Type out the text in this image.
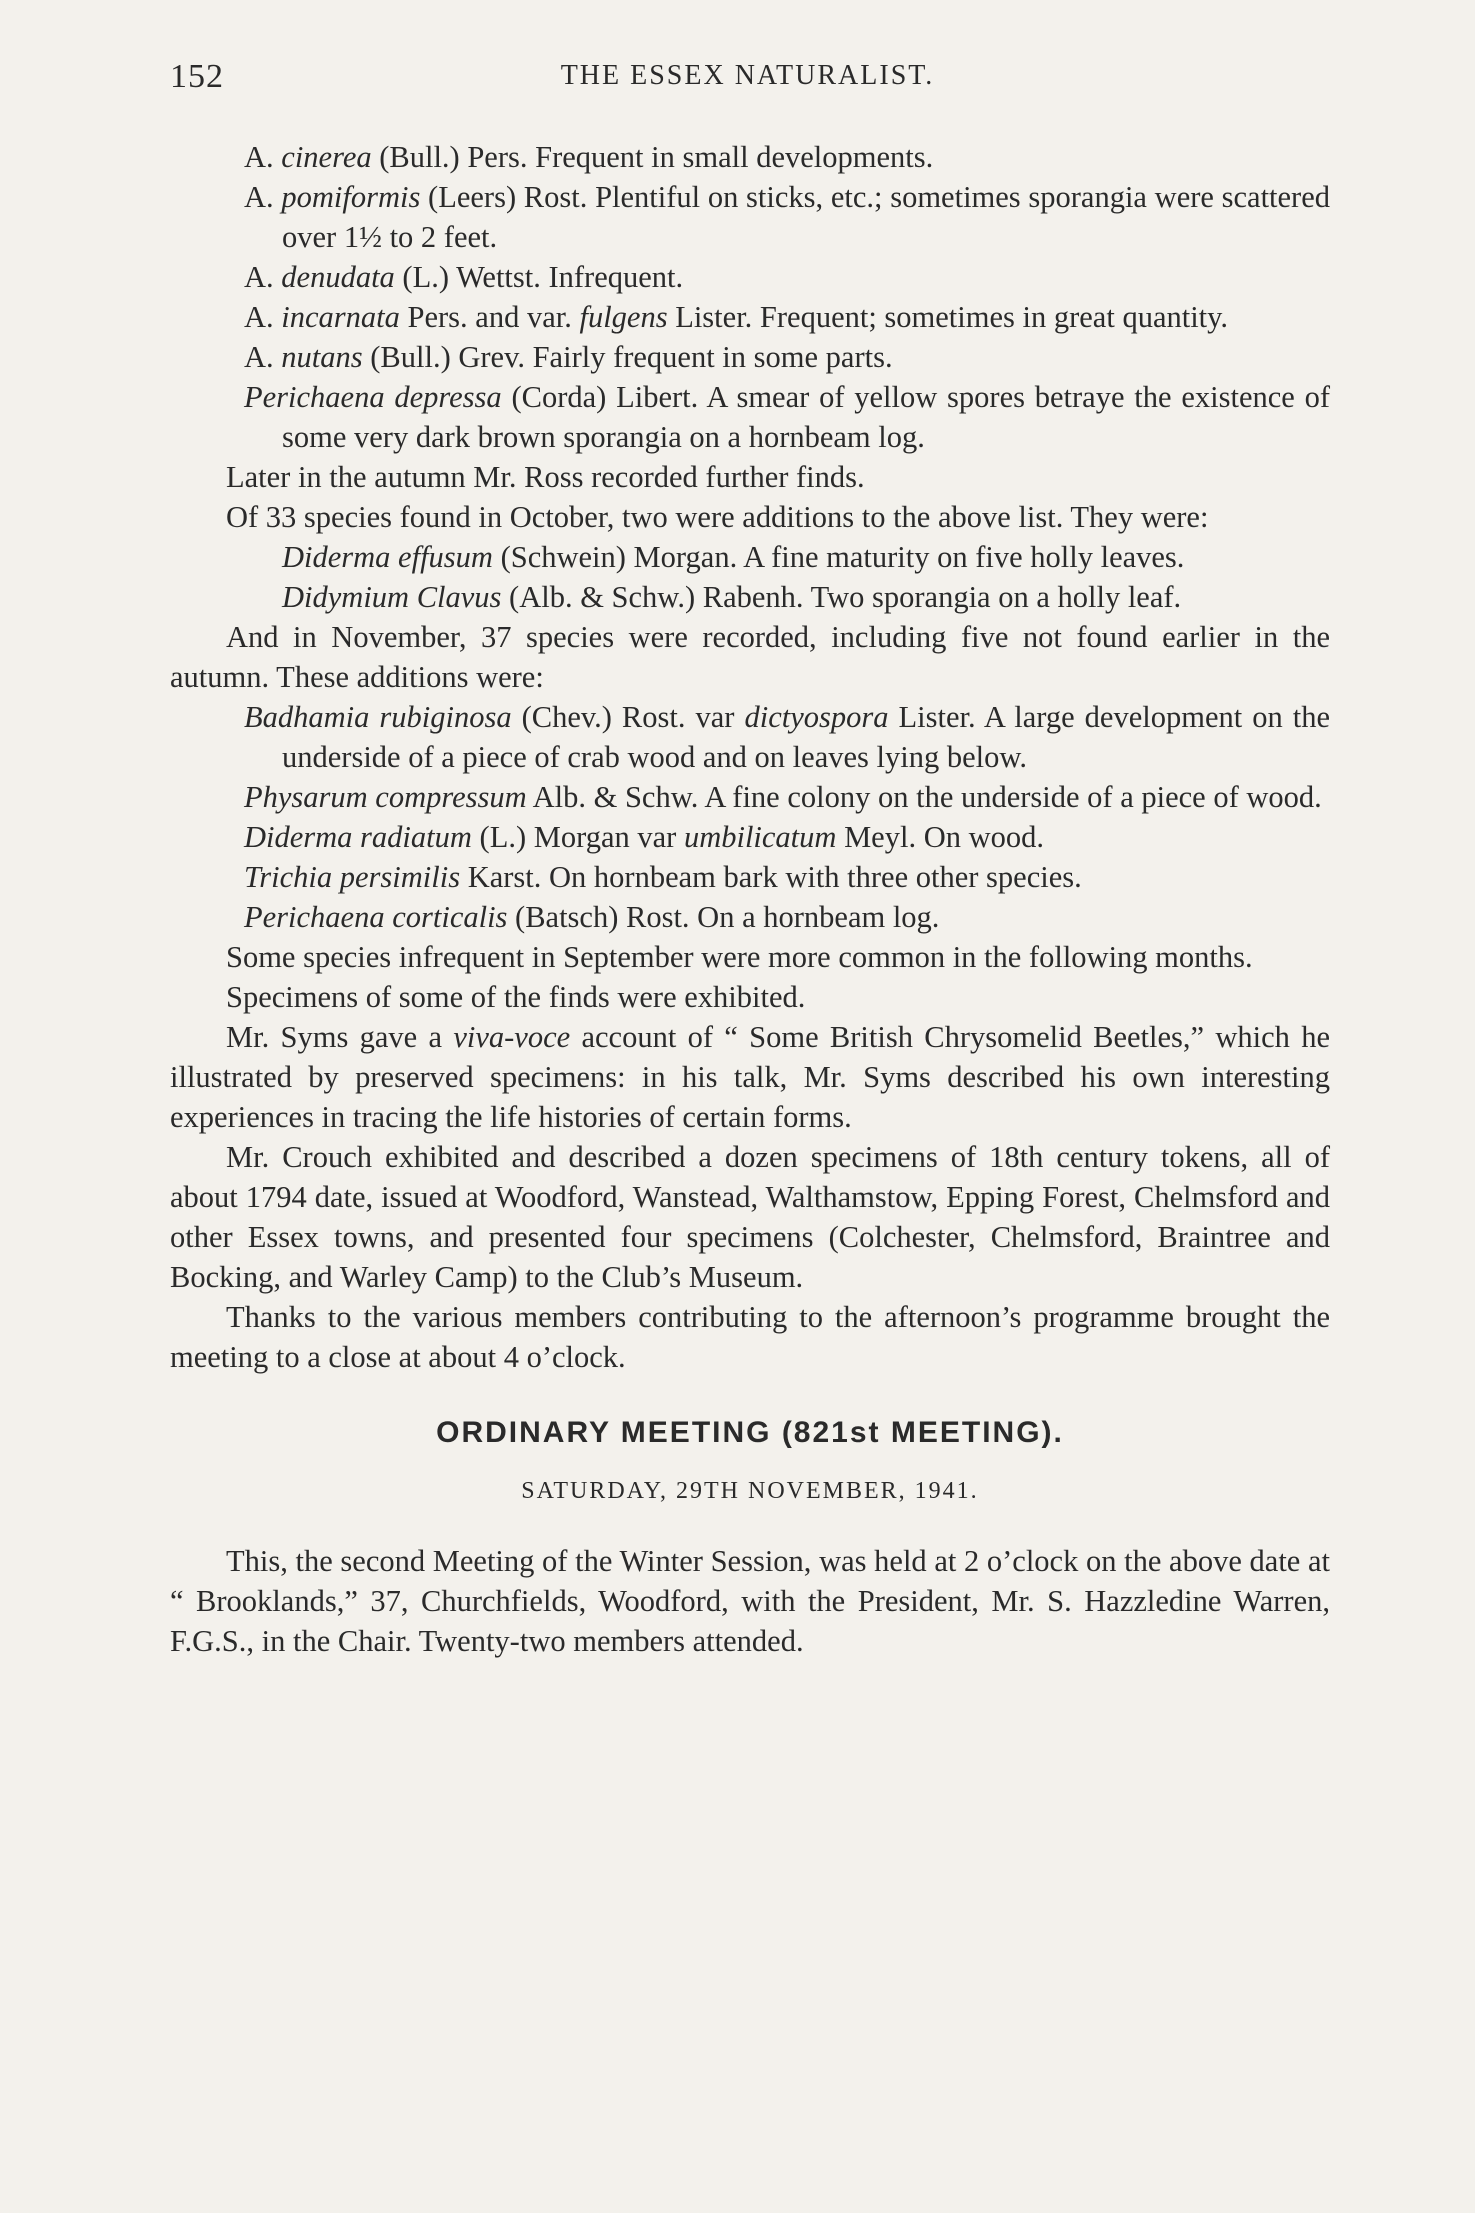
152	THE ESSEX NATURALIST.
A. cinerea (Bull.) Pers. Frequent in small developments.
A. pomiformis (Leers) Rost. Plentiful on sticks, etc.; sometimes sporangia were scattered over 1½ to 2 feet.
A. denudata (L.) Wettst. Infrequent.
A. incarnata Pers. and var. fulgens Lister. Frequent; sometimes in great quantity.
A. nutans (Bull.) Grev. Fairly frequent in some parts.
Perichaena depressa (Corda) Libert. A smear of yellow spores betraye the existence of some very dark brown sporangia on a hornbeam log.
Later in the autumn Mr. Ross recorded further finds.
Of 33 species found in October, two were additions to the above list. They were:
Diderma effusum (Schwein) Morgan. A fine maturity on five holly leaves.
Didymium Clavus (Alb. & Schw.) Rabenh. Two sporangia on a holly leaf.
And in November, 37 species were recorded, including five not found earlier in the autumn. These additions were:
Badhamia rubiginosa (Chev.) Rost. var dictyospora Lister. A large development on the underside of a piece of crab wood and on leaves lying below.
Physarum compressum Alb. & Schw. A fine colony on the underside of a piece of wood.
Diderma radiatum (L.) Morgan var umbilicatum Meyl. On wood.
Trichia persimilis Karst. On hornbeam bark with three other species.
Perichaena corticalis (Batsch) Rost. On a hornbeam log.
Some species infrequent in September were more common in the following months.
Specimens of some of the finds were exhibited.
Mr. Syms gave a viva-voce account of “ Some British Chrysomelid Beetles,” which he illustrated by preserved specimens: in his talk, Mr. Syms described his own interesting experiences in tracing the life histories of certain forms.
Mr. Crouch exhibited and described a dozen specimens of 18th century tokens, all of about 1794 date, issued at Woodford, Wanstead, Walthamstow, Epping Forest, Chelmsford and other Essex towns, and presented four specimens (Colchester, Chelmsford, Braintree and Bocking, and Warley Camp) to the Club’s Museum.
Thanks to the various members contributing to the afternoon’s programme brought the meeting to a close at about 4 o’clock.
ORDINARY MEETING (821st MEETING).
SATURDAY, 29TH NOVEMBER, 1941.
This, the second Meeting of the Winter Session, was held at 2 o’clock on the above date at “ Brooklands,” 37, Churchfields, Woodford, with the President, Mr. S. Hazzledine Warren, F.G.S., in the Chair. Twenty-two members attended.
